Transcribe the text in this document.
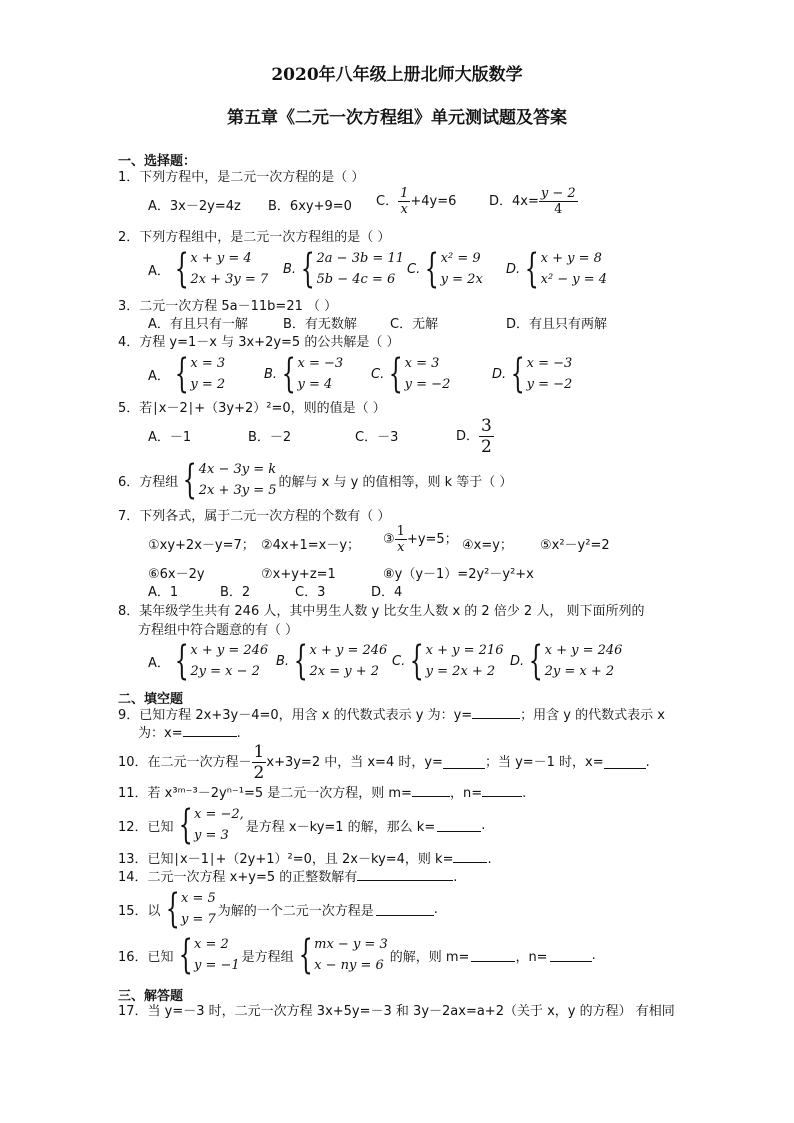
2020年八年级上册北师大版数学
第五章《二元一次方程组》单元测试题及答案
一、选择题：
1．下列方程中，是二元一次方程的是（ ）
A．3x－2y=4z B．6xy+9=0 C． $\frac{1}{x} +4y=6$	D．$4x= \frac{y - 2}{4}$
2．下列方程组中，是二元一次方程组的是（ ）
A． { x + y = 4
2x + 3y = 7
B. { 2a − 3b = 11
5b − 4c = 6
C. { x² = 9
y = 2x
D. { x + y = 8
x² − y = 4
3．二元一次方程 5a－11b=21 （ ）
A．有且只有一解	B．有无数解	C．无解	D．有且只有两解
4．方程 y=1－x 与 3x+2y=5 的公共解是（ ）
A． { x = 3
y = 2
B. { x = −3
y = 4
C. { x = 3
y = −2
D. { x = −3
y = −2
5．若∣x－2∣+（3y+2）²=0，则的值是（ ）
A．－1	B．－2	C．－3	D． $\frac{3}{2}$
6．方程组 { 4x − 3y = k
2x + 3y = 5
的解与 x 与 y 的值相等，则 k 等于（ ）
7．下列各式，属于二元一次方程的个数有（ ）
①xy+2x－y=7； ②4x+1=x－y； ③ $\frac{1}{x} +y=5$； ④x=y； ⑤x²－y²=2
⑥6x－2y	⑦x+y+z=1	⑧y（y－1）=2y²－y²+x
A．1	B．2	C．3	D．4
8．某年级学生共有 246 人，其中男生人数 y 比女生人数 x 的 2 倍少 2 人， 则下面所列的
方程组中符合题意的有（ ）
A． { x + y = 246
2y = x − 2
B. { x + y = 246
2x = y + 2
C. { x + y = 216
y = 2x + 2
D. { x + y = 246
2y = x + 2
二、填空题
9．已知方程 2x+3y－4=0，用含 x 的代数式表示 y 为：y=	；用含 y 的代数式表示 x
为：x=	.
10．在二元一次方程－ $\frac{1}{2} x+3y=2$ 中，当 x=4 时，y=	；当 y=－1 时，x=	.
11．若 x³ᵐ⁻³－2yⁿ⁻¹=5 是二元一次方程，则 m=	，n=	.
12．已知 { x = −2,
y = 3
是方程 x－ky=1 的解，那么 k=	.
13．已知∣x－1∣+（2y+1）²=0，且 2x－ky=4，则 k=	.
14．二元一次方程 x+y=5 的正整数解有	.
15．以 { x = 5
y = 7
为解的一个二元一次方程是	.
16．已知 { x = 2
y = −1
是方程组 { mx − y = 3
x − ny = 6
的解，则 m=	，n=	.
三、解答题
17．当 y=－3 时，二元一次方程 3x+5y=－3 和 3y－2ax=a+2（关于 x，y 的方程） 有相同
